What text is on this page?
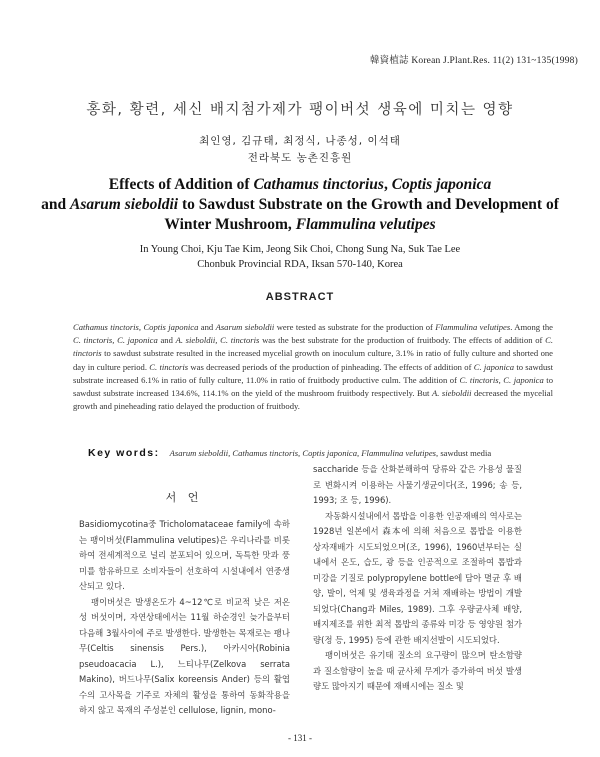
韓資植誌 Korean J.Plant.Res. 11(2) 131~135(1998)
홍화, 황련, 세신 배지첨가제가 팽이버섯 생육에 미치는 영향
최인영, 김규태, 최정식, 나종성, 이석태
전라북도 농촌진흥원
Effects of Addition of Cathamus tinctorius, Coptis japonica
and Asarum sieboldii to Sawdust Substrate on the Growth and Development of Winter Mushroom, Flammulina velutipes
In Young Choi, Kju Tae Kim, Jeong Sik Choi, Chong Sung Na, Suk Tae Lee
Chonbuk Provincial RDA, Iksan 570-140, Korea
ABSTRACT
Cathamus tinctoris, Coptis japonica and Asarum sieboldii were tested as substrate for the production of Flammulina velutipes. Among the C. tinctoris, C. japonica and A. sieboldii, C. tinctoris was the best substrate for the production of fruitbody. The effects of addition of C. tinctoris to sawdust substrate resulted in the increased mycelial growth on inoculum culture, 3.1% in ratio of fully culture and shorted one day in culture period. C. tinctoris was decreased periods of the production of pinheading. The effects of addition of C. japonica to sawdust substrate increased 6.1% in ratio of fully culture, 11.0% in ratio of fruitbody productive culm. The addition of C. tinctoris, C. japonica to sawdust substrate increased 134.6%, 114.1% on the yield of the mushroom fruitbody respectively. But A. sieboldii decreased the mycelial growth and pineheading ratio delayed the production of fruitbody.
Key words: Asarum sieboldii, Cathamus tinctoris, Coptis japonica, Flammulina velutipes, sawdust media
서 언

Basidiomycotina중 Tricholomataceae family에 속하는 팽이버섯(Flammulina velutipes)은 우리나라를 비롯하여 전세계적으로 널리 분포되어 있으며, 독특한 맛과 풍미를 함유하므로 소비자들이 선호하여 시설내에서 연중생산되고 있다.

팽이버섯은 발생온도가 4~12℃로 비교적 낮은 저온성 버섯이며, 자연상태에서는 11월 하순경인 늦가을부터 다음해 3월사이에 주로 발생한다. 발생한는 목재로는 팽나무(Celtis sinensis Pers.), 아카시아(Robinia pseudoacacia L.), 느티나무(Zelkova serrata Makino), 버드나무(Salix koreensis Ander) 등의 활엽수의 고사목을 기주로 자체의 활성을 통하여 동화작용을 하지 않고 목재의 주성분인 cellulose, lignin, mono-

saccharide 등을 산화분해하여 당류와 같은 가용성 물질로 변화시켜 이용하는 사물기생균이다(조, 1996; 송 등, 1993; 조 등, 1996).

자동화시설내에서 톱밥을 이용한 인공재배의 역사로는 1928년 일본에서 森本에 의해 처음으로 톱밥을 이용한 상자재배가 시도되었으며(조, 1996), 1960년부터는 실내에서 온도, 습도, 광 등을 인공적으로 조절하여 톱밥과 미강을 기질로 polypropylene bottle에 담아 멸균 후 배양, 발이, 억제 및 생육과정을 거쳐 재배하는 방법이 개발되었다(Chang과 Miles, 1989). 그후 우량균사체 배양, 배지제조를 위한 최적 톱밥의 종류와 미강 등 영양원 첨가량(정 등, 1995) 등에 관한 배지선발이 시도되었다.

팽이버섯은 유기태 질소의 요구량이 많으며 탄소함량과 질소함량이 높을 때 균사체 무게가 증가하여 버섯 발생량도 많아지기 때문에 재배시에는 질소 및

- 131 -
